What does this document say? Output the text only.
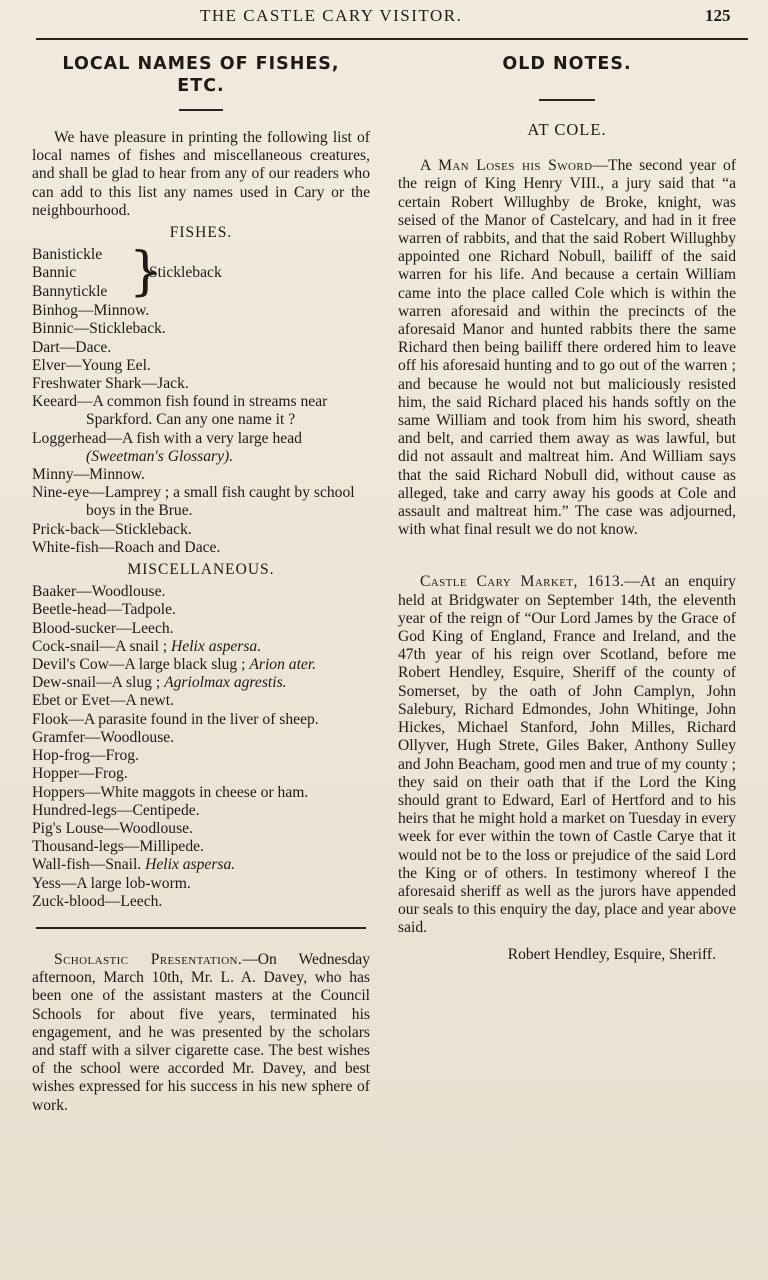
THE CASTLE CARY VISITOR.	125
LOCAL NAMES OF FISHES,
ETC.

We have pleasure in printing the following list of local names of fishes and miscellaneous creatures, and shall be glad to hear from any of our readers who can add to this list any names used in Cary or the neighbourhood.

FISHES.

Banistickle
Bannic
Bannytickle }
Stickleback
Binhog—Minnow.
Binnic—Stickleback.
Dart—Dace.
Elver—Young Eel.
Freshwater Shark—Jack.
Keeard—A common fish found in streams near Sparkford. Can any one name it ?
Loggerhead—A fish with a very large head (Sweetman's Glossary).
Minny—Minnow.
Nine-eye—Lamprey ; a small fish caught by school boys in the Brue.
Prick-back—Stickleback.
White-fish—Roach and Dace.

MISCELLANEOUS.

Baaker—Woodlouse.
Beetle-head—Tadpole.
Blood-sucker—Leech.
Cock-snail—A snail ; Helix aspersa.
Devil's Cow—A large black slug ; Arion ater.
Dew-snail—A slug ; Agriolmax agrestis.
Ebet or Evet—A newt.
Flook—A parasite found in the liver of sheep.
Gramfer—Woodlouse.
Hop-frog—Frog.
Hopper—Frog.
Hoppers—White maggots in cheese or ham.
Hundred-legs—Centipede.
Pig's Louse—Woodlouse.
Thousand-legs—Millipede.
Wall-fish—Snail. Helix aspersa.
Yess—A large lob-worm.
Zuck-blood—Leech.

Scholastic Presentation.—On Wednesday afternoon, March 10th, Mr. L. A. Davey, who has been one of the assistant masters at the Council Schools for about five years, terminated his engagement, and he was presented by the scholars and staff with a silver cigarette case. The best wishes of the school were accorded Mr. Davey, and best wishes expressed for his success in his new sphere of work.

OLD NOTES.

AT COLE.

A Man Loses his Sword—The second year of the reign of King Henry VIII., a jury said that “a certain Robert Willughby de Broke, knight, was seised of the Manor of Castelcary, and had in it free warren of rabbits, and that the said Robert Willughby appointed one Richard Nobull, bailiff of the said warren for his life. And because a certain William came into the place called Cole which is within the warren aforesaid and within the precincts of the aforesaid Manor and hunted rabbits there the same Richard then being bailiff there ordered him to leave off his aforesaid hunting and to go out of the warren ; and because he would not but maliciously resisted him, the said Richard placed his hands softly on the same William and took from him his sword, sheath and belt, and carried them away as was lawful, but did not assault and maltreat him. And William says that the said Richard Nobull did, without cause as alleged, take and carry away his goods at Cole and assault and maltreat him.” The case was adjourned, with what final result we do not know.

Castle Cary Market, 1613.—At an enquiry held at Bridgwater on September 14th, the eleventh year of the reign of “Our Lord James by the Grace of God King of England, France and Ireland, and the 47th year of his reign over Scotland, before me Robert Hendley, Esquire, Sheriff of the county of Somerset, by the oath of John Camplyn, John Salebury, Richard Edmondes, John Whitinge, John Hickes, Michael Stanford, John Milles, Richard Ollyver, Hugh Strete, Giles Baker, Anthony Sulley and John Beacham, good men and true of my county ; they said on their oath that if the Lord the King should grant to Edward, Earl of Hertford and to his heirs that he might hold a market on Tuesday in every week for ever within the town of Castle Carye that it would not be to the loss or prejudice of the said Lord the King or of others. In testimony whereof I the aforesaid sheriff as well as the jurors have appended our seals to this enquiry the day, place and year above said.

Robert Hendley, Esquire, Sheriff.
